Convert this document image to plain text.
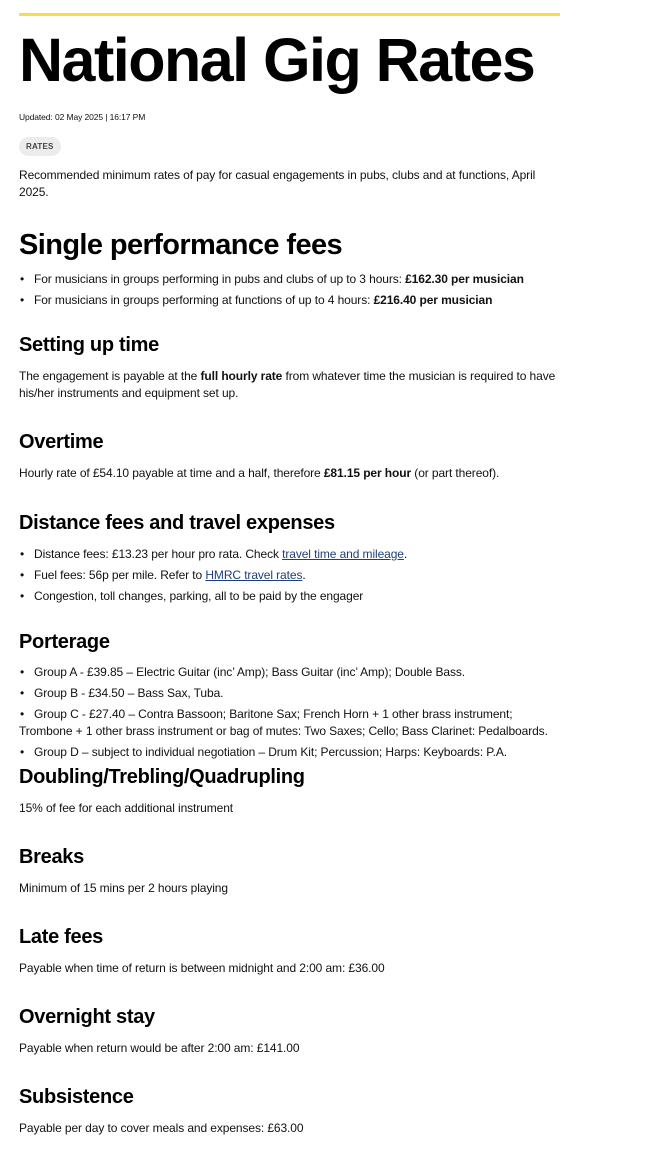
National Gig Rates
Updated: 02 May 2025 | 16:17 PM
RATES

Recommended minimum rates of pay for casual engagements in pubs, clubs and at functions, April 2025.

Single performance fees

• For musicians in groups performing in pubs and clubs of up to 3 hours: £162.30 per musician

• For musicians in groups performing at functions of up to 4 hours: £216.40 per musician

Setting up time

The engagement is payable at the full hourly rate from whatever time the musician is required to have his/her instruments and equipment set up.

Overtime

Hourly rate of £54.10 payable at time and a half, therefore £81.15 per hour (or part thereof).

Distance fees and travel expenses

• Distance fees: £13.23 per hour pro rata. Check travel time and mileage.

• Fuel fees: 56p per mile. Refer to HMRC travel rates.

• Congestion, toll changes, parking, all to be paid by the engager

Porterage

• Group A - £39.85 – Electric Guitar (inc’ Amp); Bass Guitar (inc’ Amp); Double Bass.

• Group B - £34.50 – Bass Sax, Tuba.

• Group C - £27.40 – Contra Bassoon; Baritone Sax; French Horn + 1 other brass instrument; Trombone + 1 other brass instrument or bag of mutes: Two Saxes; Cello; Bass Clarinet: Pedalboards.

• Group D – subject to individual negotiation – Drum Kit; Percussion; Harps: Keyboards: P.A.

Doubling/Trebling/Quadrupling

15% of fee for each additional instrument

Breaks

Minimum of 15 mins per 2 hours playing

Late fees

Payable when time of return is between midnight and 2:00 am: £36.00

Overnight stay

Payable when return would be after 2:00 am: £141.00

Subsistence

Payable per day to cover meals and expenses: £63.00
